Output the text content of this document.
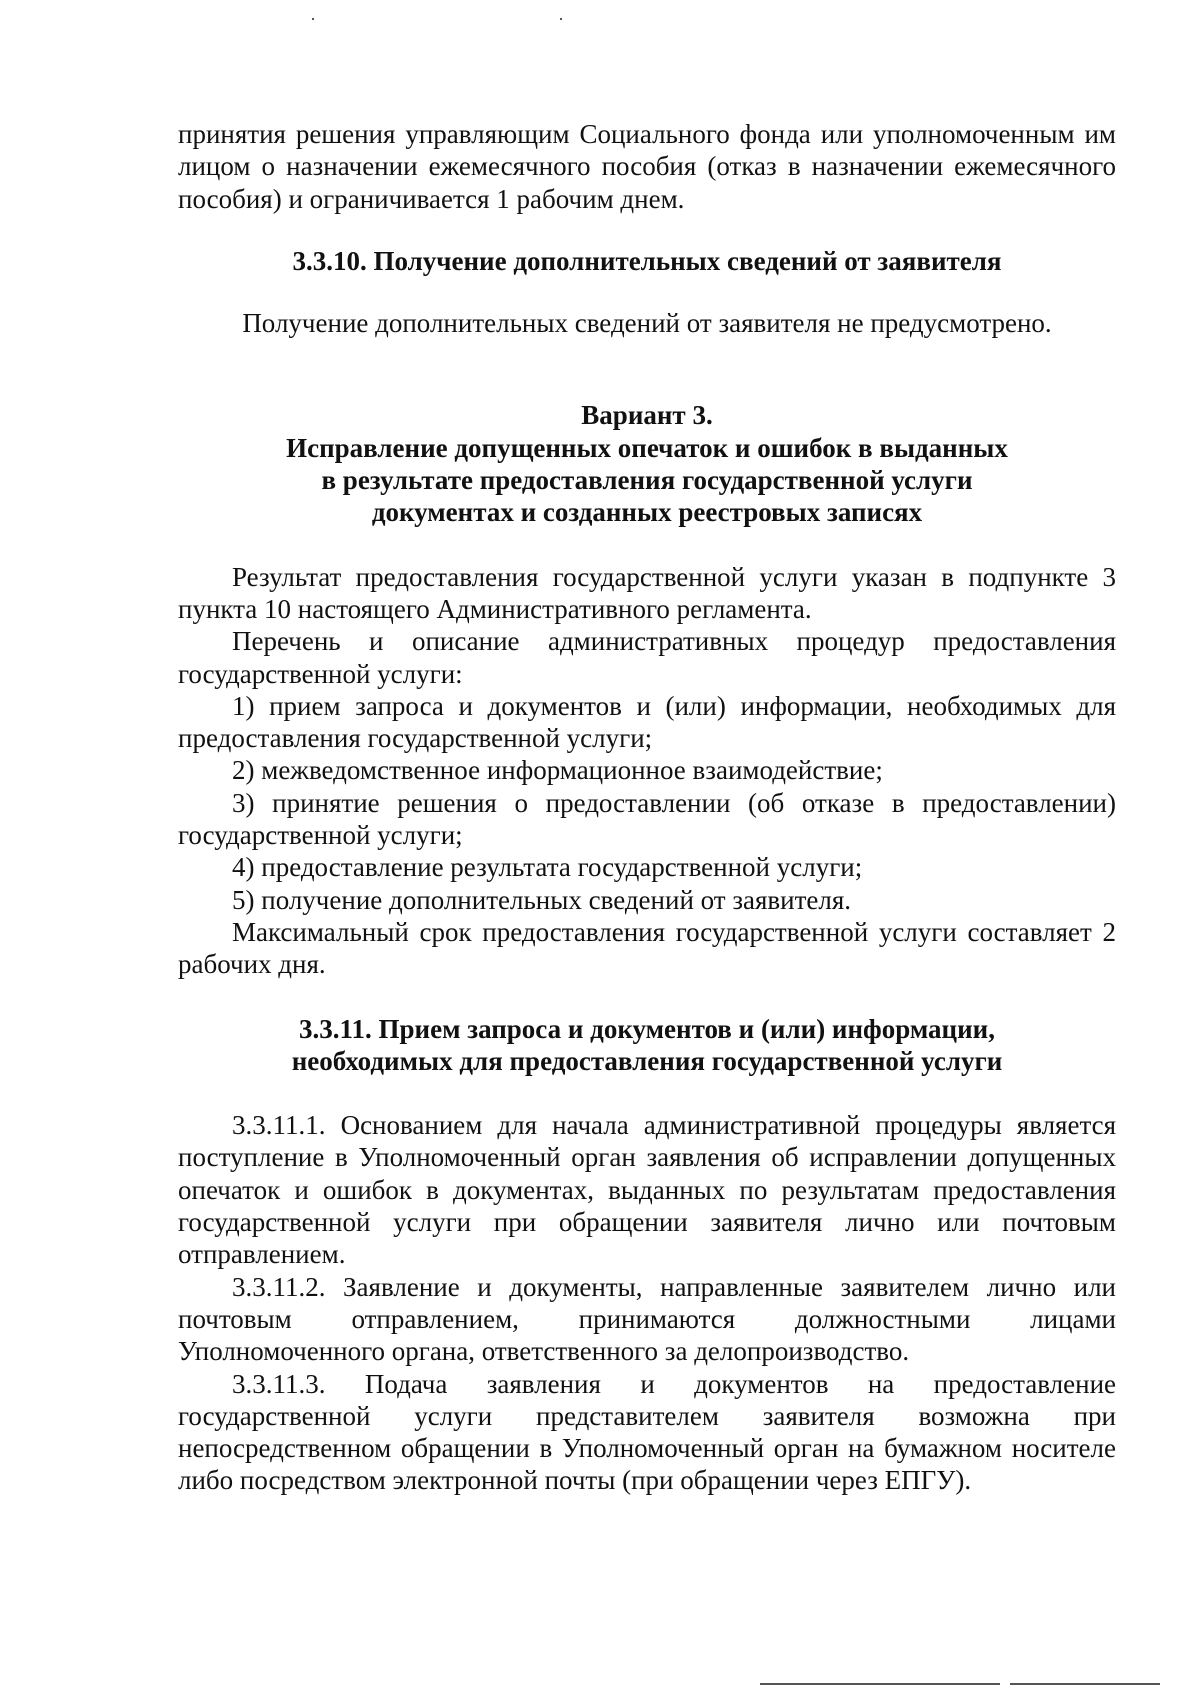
принятия решения управляющим Социального фонда или уполномоченным им лицом о назначении ежемесячного пособия (отказ в назначении ежемесячного пособия) и ограничивается 1 рабочим днем.

3.3.10. Получение дополнительных сведений от заявителя

Получение дополнительных сведений от заявителя не предусмотрено.

Вариант 3.

Исправление допущенных опечаток и ошибок в выданных

в результате предоставления государственной услуги

документах и созданных реестровых записях

Результат предоставления государственной услуги указан в подпункте 3 пункта 10 настоящего Административного регламента.

Перечень и описание административных процедур предоставления государственной услуги:

1) прием запроса и документов и (или) информации, необходимых для предоставления государственной услуги;

2) межведомственное информационное взаимодействие;

3) принятие решения о предоставлении (об отказе в предоставлении) государственной услуги;

4) предоставление результата государственной услуги;

5) получение дополнительных сведений от заявителя.

Максимальный срок предоставления государственной услуги составляет 2 рабочих дня.

3.3.11. Прием запроса и документов и (или) информации,

необходимых для предоставления государственной услуги

3.3.11.1. Основанием для начала административной процедуры является поступление в Уполномоченный орган заявления об исправлении допущенных опечаток и ошибок в документах, выданных по результатам предоставления государственной услуги при обращении заявителя лично или почтовым отправлением.

3.3.11.2. Заявление и документы, направленные заявителем лично или почтовым отправлением, принимаются должностными лицами Уполномоченного органа, ответственного за делопроизводство.

3.3.11.3. Подача заявления и документов на предоставление государственной услуги представителем заявителя возможна при непосредственном обращении в Уполномоченный орган на бумажном носителе либо посредством электронной почты (при обращении через ЕПГУ).
